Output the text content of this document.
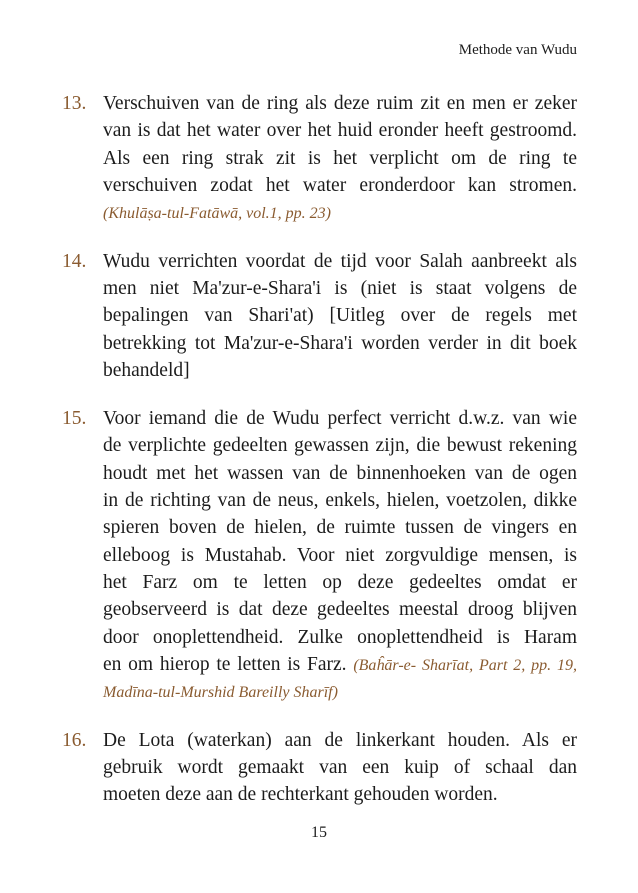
Methode van Wudu
13. Verschuiven van de ring als deze ruim zit en men er zeker
van is dat het water over het huid eronder heeft gestroomd.
Als een ring strak zit is het verplicht om de ring te
verschuiven zodat het water eronderdoor kan stromen.
(Khulāṣa-tul-Fatāwā, vol.1, pp. 23)
14. Wudu verrichten voordat de tijd voor Salah aanbreekt als
men niet Ma'zur-e-Shara'i is (niet is staat volgens de
bepalingen van Shari'at) [Uitleg over de regels met
betrekking tot Ma'zur-e-Shara'i worden verder in dit boek
behandeld]
15. Voor iemand die de Wudu perfect verricht d.w.z. van wie
de verplichte gedeelten gewassen zijn, die bewust rekening
houdt met het wassen van de binnenhoeken van de ogen
in de richting van de neus, enkels, hielen, voetzolen, dikke
spieren boven de hielen, de ruimte tussen de vingers en
elleboog is Mustahab. Voor niet zorgvuldige mensen, is
het Farz om te letten op deze gedeeltes omdat er
geobserveerd is dat deze gedeeltes meestal droog blijven
door onoplettendheid. Zulke onoplettendheid is Haram
en om hierop te letten is Farz. (Baĥār-e- Sharīat, Part 2, pp. 19,
Madīna-tul-Murshid Bareilly Sharīf)
16. De Lota (waterkan) aan de linkerkant houden. Als er
gebruik wordt gemaakt van een kuip of schaal dan
moeten deze aan de rechterkant gehouden worden.
15
